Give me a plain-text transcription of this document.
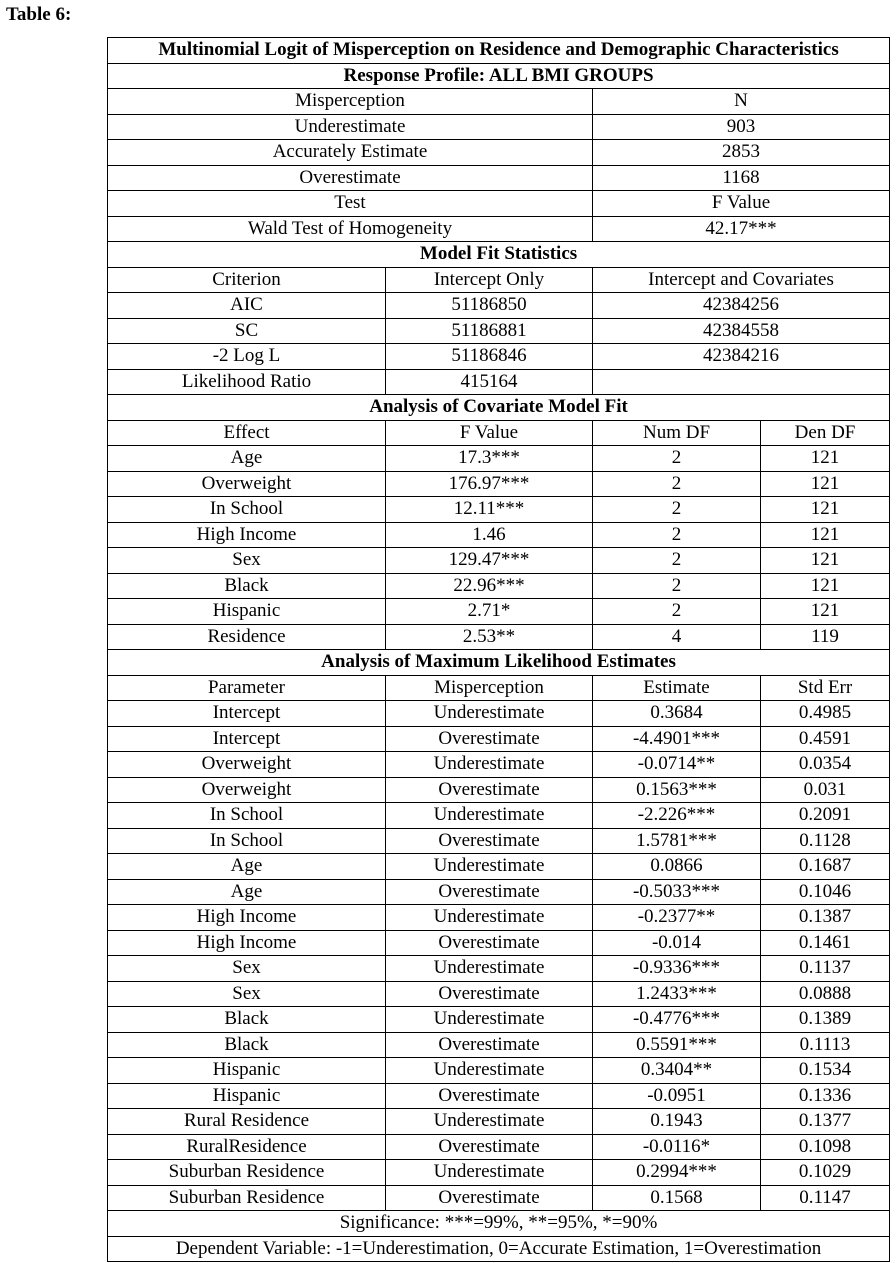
Table 6:
Multinomial Logit of Misperception on Residence and Demographic Characteristics			
Response Profile: ALL BMI GROUPS			
Misperception		N	
Underestimate		903	
Accurately Estimate		2853	
Overestimate		1168	
Test		F Value	
Wald Test of Homogeneity		42.17***	
Model Fit Statistics			
Criterion	Intercept Only	Intercept and Covariates	
AIC	51186850	42384256	
SC	51186881	42384558	
-2 Log L	51186846	42384216	
Likelihood Ratio	415164		
Analysis of Covariate Model Fit			
Effect	F Value	Num DF	Den DF
Age	17.3***	2	121
Overweight	176.97***	2	121
In School	12.11***	2	121
High Income	1.46	2	121
Sex	129.47***	2	121
Black	22.96***	2	121
Hispanic	2.71*	2	121
Residence	2.53**	4	119
Analysis of Maximum Likelihood Estimates			
Parameter	Misperception	Estimate	Std Err
Intercept	Underestimate	0.3684	0.4985
Intercept	Overestimate	-4.4901***	0.4591
Overweight	Underestimate	-0.0714**	0.0354
Overweight	Overestimate	0.1563***	0.031
In School	Underestimate	-2.226***	0.2091
In School	Overestimate	1.5781***	0.1128
Age	Underestimate	0.0866	0.1687
Age	Overestimate	-0.5033***	0.1046
High Income	Underestimate	-0.2377**	0.1387
High Income	Overestimate	-0.014	0.1461
Sex	Underestimate	-0.9336***	0.1137
Sex	Overestimate	1.2433***	0.0888
Black	Underestimate	-0.4776***	0.1389
Black	Overestimate	0.5591***	0.1113
Hispanic	Underestimate	0.3404**	0.1534
Hispanic	Overestimate	-0.0951	0.1336
Rural Residence	Underestimate	0.1943	0.1377
RuralResidence	Overestimate	-0.0116*	0.1098
Suburban Residence	Underestimate	0.2994***	0.1029
Suburban Residence	Overestimate	0.1568	0.1147
Significance: ***=99%, **=95%, *=90%			
Dependent Variable: -1=Underestimation, 0=Accurate Estimation, 1=Overestimation			
